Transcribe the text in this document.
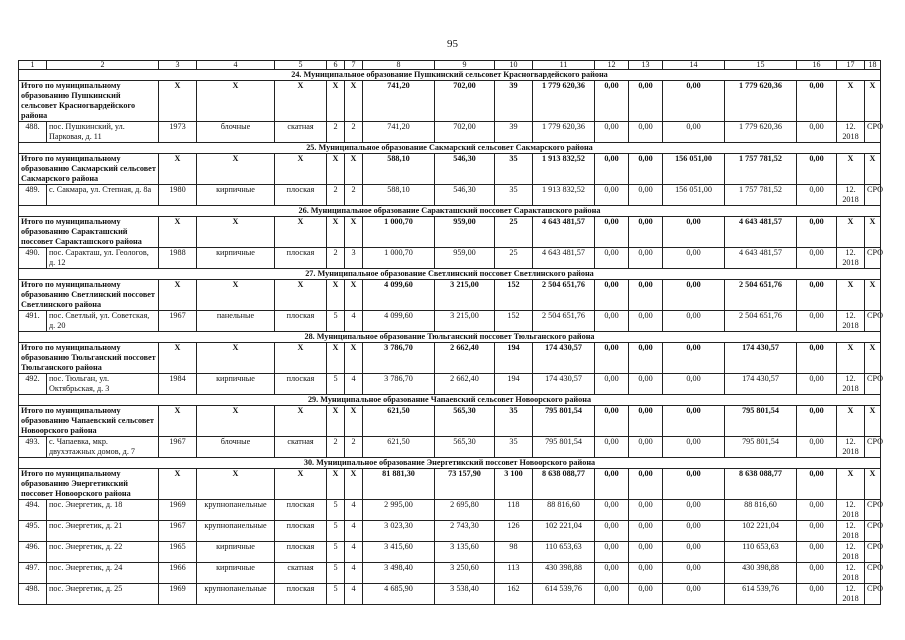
95
1	2	3	4	5	6	7	8	9	10	11	12	13	14	15	16	17	18
24. Муниципальное образование Пушкинский сельсовет Красногвардейского района																	
Итого по муниципальному образованию Пушкинский сельсовет Красногвардейского района		X	X	X	X	X	741,20	702,00	39	1 779 620,36	0,00	0,00	0,00	1 779 620,36	0,00	X	X
488.	пос. Пушкинский, ул. Парковая, д. 11	1973	блочные	скатная	2	2	741,20	702,00	39	1 779 620,36	0,00	0,00	0,00	1 779 620,36	0,00	12. 2018	СРО
25. Муниципальное образование Сакмарский сельсовет Сакмарского района																	
Итого по муниципальному образованию Сакмарский сельсовет Сакмарского района		X	X	X	X	X	588,10	546,30	35	1 913 832,52	0,00	0,00	156 051,00	1 757 781,52	0,00	X	X
489.	с. Сакмара, ул. Степная, д. 8а	1980	кирпичные	плоская	2	2	588,10	546,30	35	1 913 832,52	0,00	0,00	156 051,00	1 757 781,52	0,00	12. 2018	СРО
26. Муниципальное образование Саракташский поссовет Саракташского района																	
Итого по муниципальному образованию Саракташский поссовет Саракташского района		X	X	X	X	X	1 000,70	959,00	25	4 643 481,57	0,00	0,00	0,00	4 643 481,57	0,00	X	X
490.	пос. Саракташ, ул. Геологов, д. 12	1988	кирпичные	плоская	2	3	1 000,70	959,00	25	4 643 481,57	0,00	0,00	0,00	4 643 481,57	0,00	12. 2018	СРО
27. Муниципальное образование Светлинский поссовет Светлинского района																	
Итого по муниципальному образованию Светлинский поссовет Светлинского района		X	X	X	X	X	4 099,60	3 215,00	152	2 504 651,76	0,00	0,00	0,00	2 504 651,76	0,00	X	X
491.	пос. Светлый, ул. Советская, д. 20	1967	панельные	плоская	5	4	4 099,60	3 215,00	152	2 504 651,76	0,00	0,00	0,00	2 504 651,76	0,00	12. 2018	СРО
28. Муниципальное образование Тюльганский поссовет Тюльганского района																	
Итого по муниципальному образованию Тюльганский поссовет Тюльганского района		X	X	X	X	X	3 786,70	2 662,40	194	174 430,57	0,00	0,00	0,00	174 430,57	0,00	X	X
492.	пос. Тюльган, ул. Октябрьская, д. 3	1984	кирпичные	плоская	5	4	3 786,70	2 662,40	194	174 430,57	0,00	0,00	0,00	174 430,57	0,00	12. 2018	СРО
29. Муниципальное образование Чапаевский сельсовет Новоорского района																	
Итого по муниципальному образованию Чапаевский сельсовет Новоорского района		X	X	X	X	X	621,50	565,30	35	795 801,54	0,00	0,00	0,00	795 801,54	0,00	X	X
493.	с. Чапаевка, мкр. двухэтажных домов, д. 7	1967	блочные	скатная	2	2	621,50	565,30	35	795 801,54	0,00	0,00	0,00	795 801,54	0,00	12. 2018	СРО
30. Муниципальное образование Энергетикский поссовет Новоорского района																	
Итого по муниципальному образованию Энергетикский поссовет Новоорского района		X	X	X	X	X	81 881,30	73 157,90	3 100	8 638 088,77	0,00	0,00	0,00	8 638 088,77	0,00	X	X
494.	пос. Энергетик, д. 18	1969	крупнопанельные	плоская	5	4	2 995,00	2 695,80	118	88 816,60	0,00	0,00	0,00	88 816,60	0,00	12. 2018	СРО
495.	пос. Энергетик, д. 21	1967	крупнопанельные	плоская	5	4	3 023,30	2 743,30	126	102 221,04	0,00	0,00	0,00	102 221,04	0,00	12. 2018	СРО
496.	пос. Энергетик, д. 22	1965	кирпичные	плоская	5	4	3 415,60	3 135,60	98	110 653,63	0,00	0,00	0,00	110 653,63	0,00	12. 2018	СРО
497.	пос. Энергетик, д. 24	1966	кирпичные	скатная	5	4	3 498,40	3 250,60	113	430 398,88	0,00	0,00	0,00	430 398,88	0,00	12. 2018	СРО
498.	пос. Энергетик, д. 25	1969	крупнопанельные	плоская	5	4	4 685,90	3 538,40	162	614 539,76	0,00	0,00	0,00	614 539,76	0,00	12. 2018	СРО
